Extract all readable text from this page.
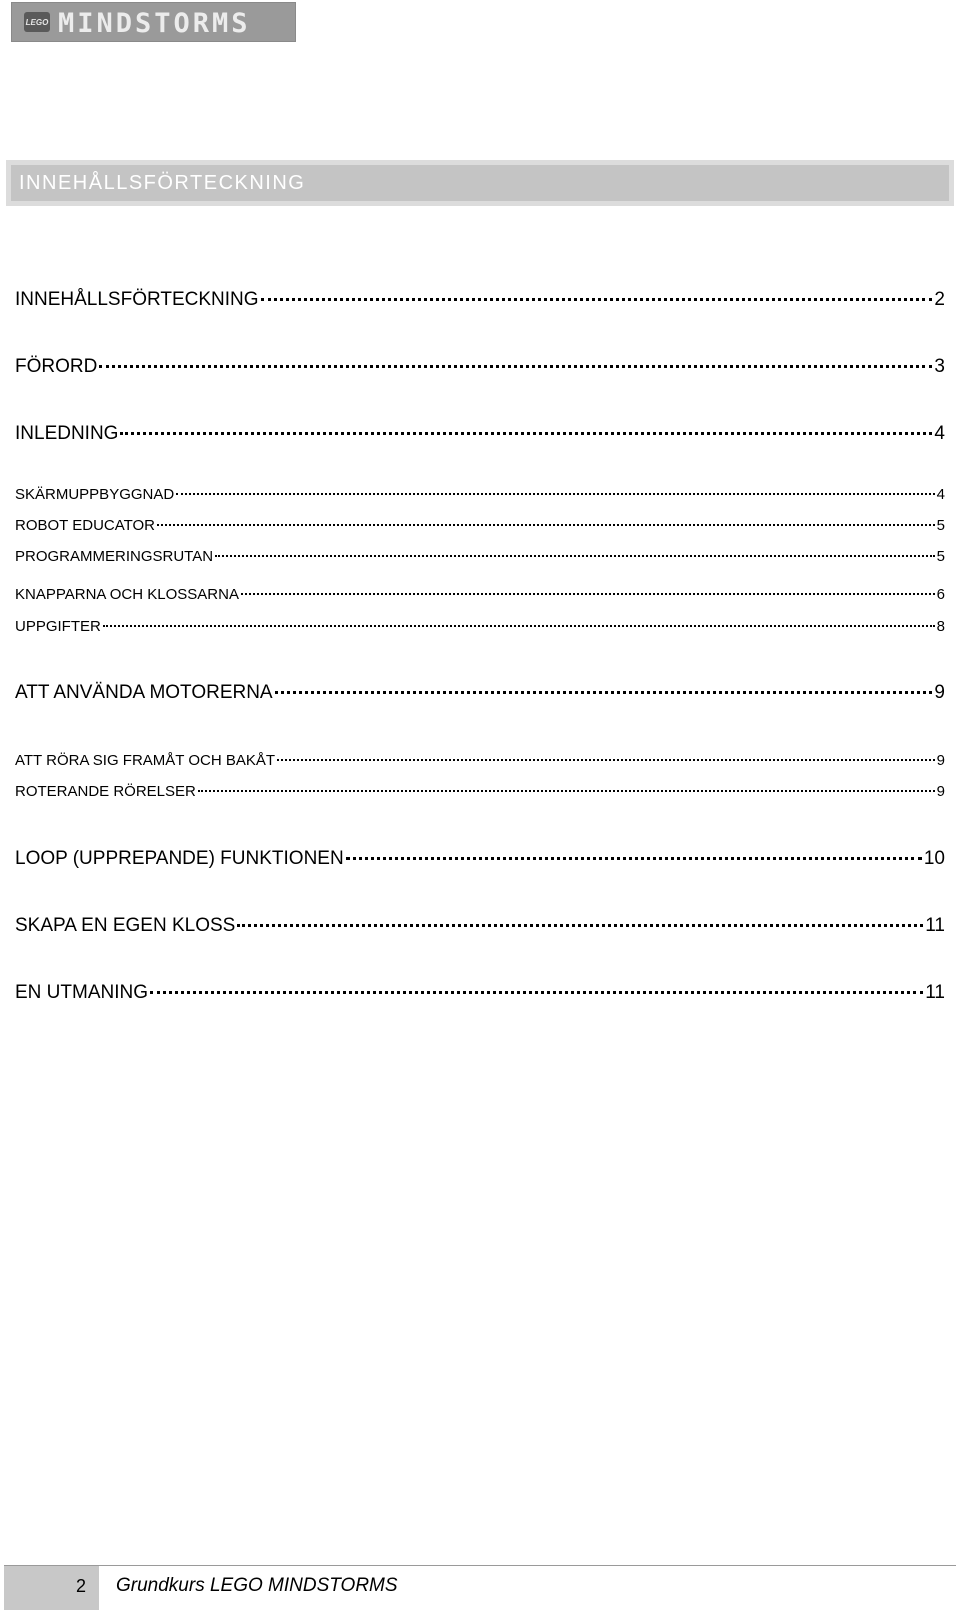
LEGO MINDSTORMS
INNEHÅLLSFÖRTECKNING
INNEHÅLLSFÖRTECKNING	2
FÖRORD	3
INLEDNING	4
SKÄRMUPPBYGGNAD	4
ROBOT EDUCATOR	5
PROGRAMMERINGSRUTAN	5
KNAPPARNA OCH KLOSSARNA	6
UPPGIFTER	8
ATT ANVÄNDA MOTORERNA	9
ATT RÖRA SIG FRAMÅT OCH BAKÅT	9
ROTERANDE RÖRELSER	9
LOOP (UPPREPANDE) FUNKTIONEN	10
SKAPA EN EGEN KLOSS	11
EN UTMANING	11
2 Grundkurs LEGO MINDSTORMS
